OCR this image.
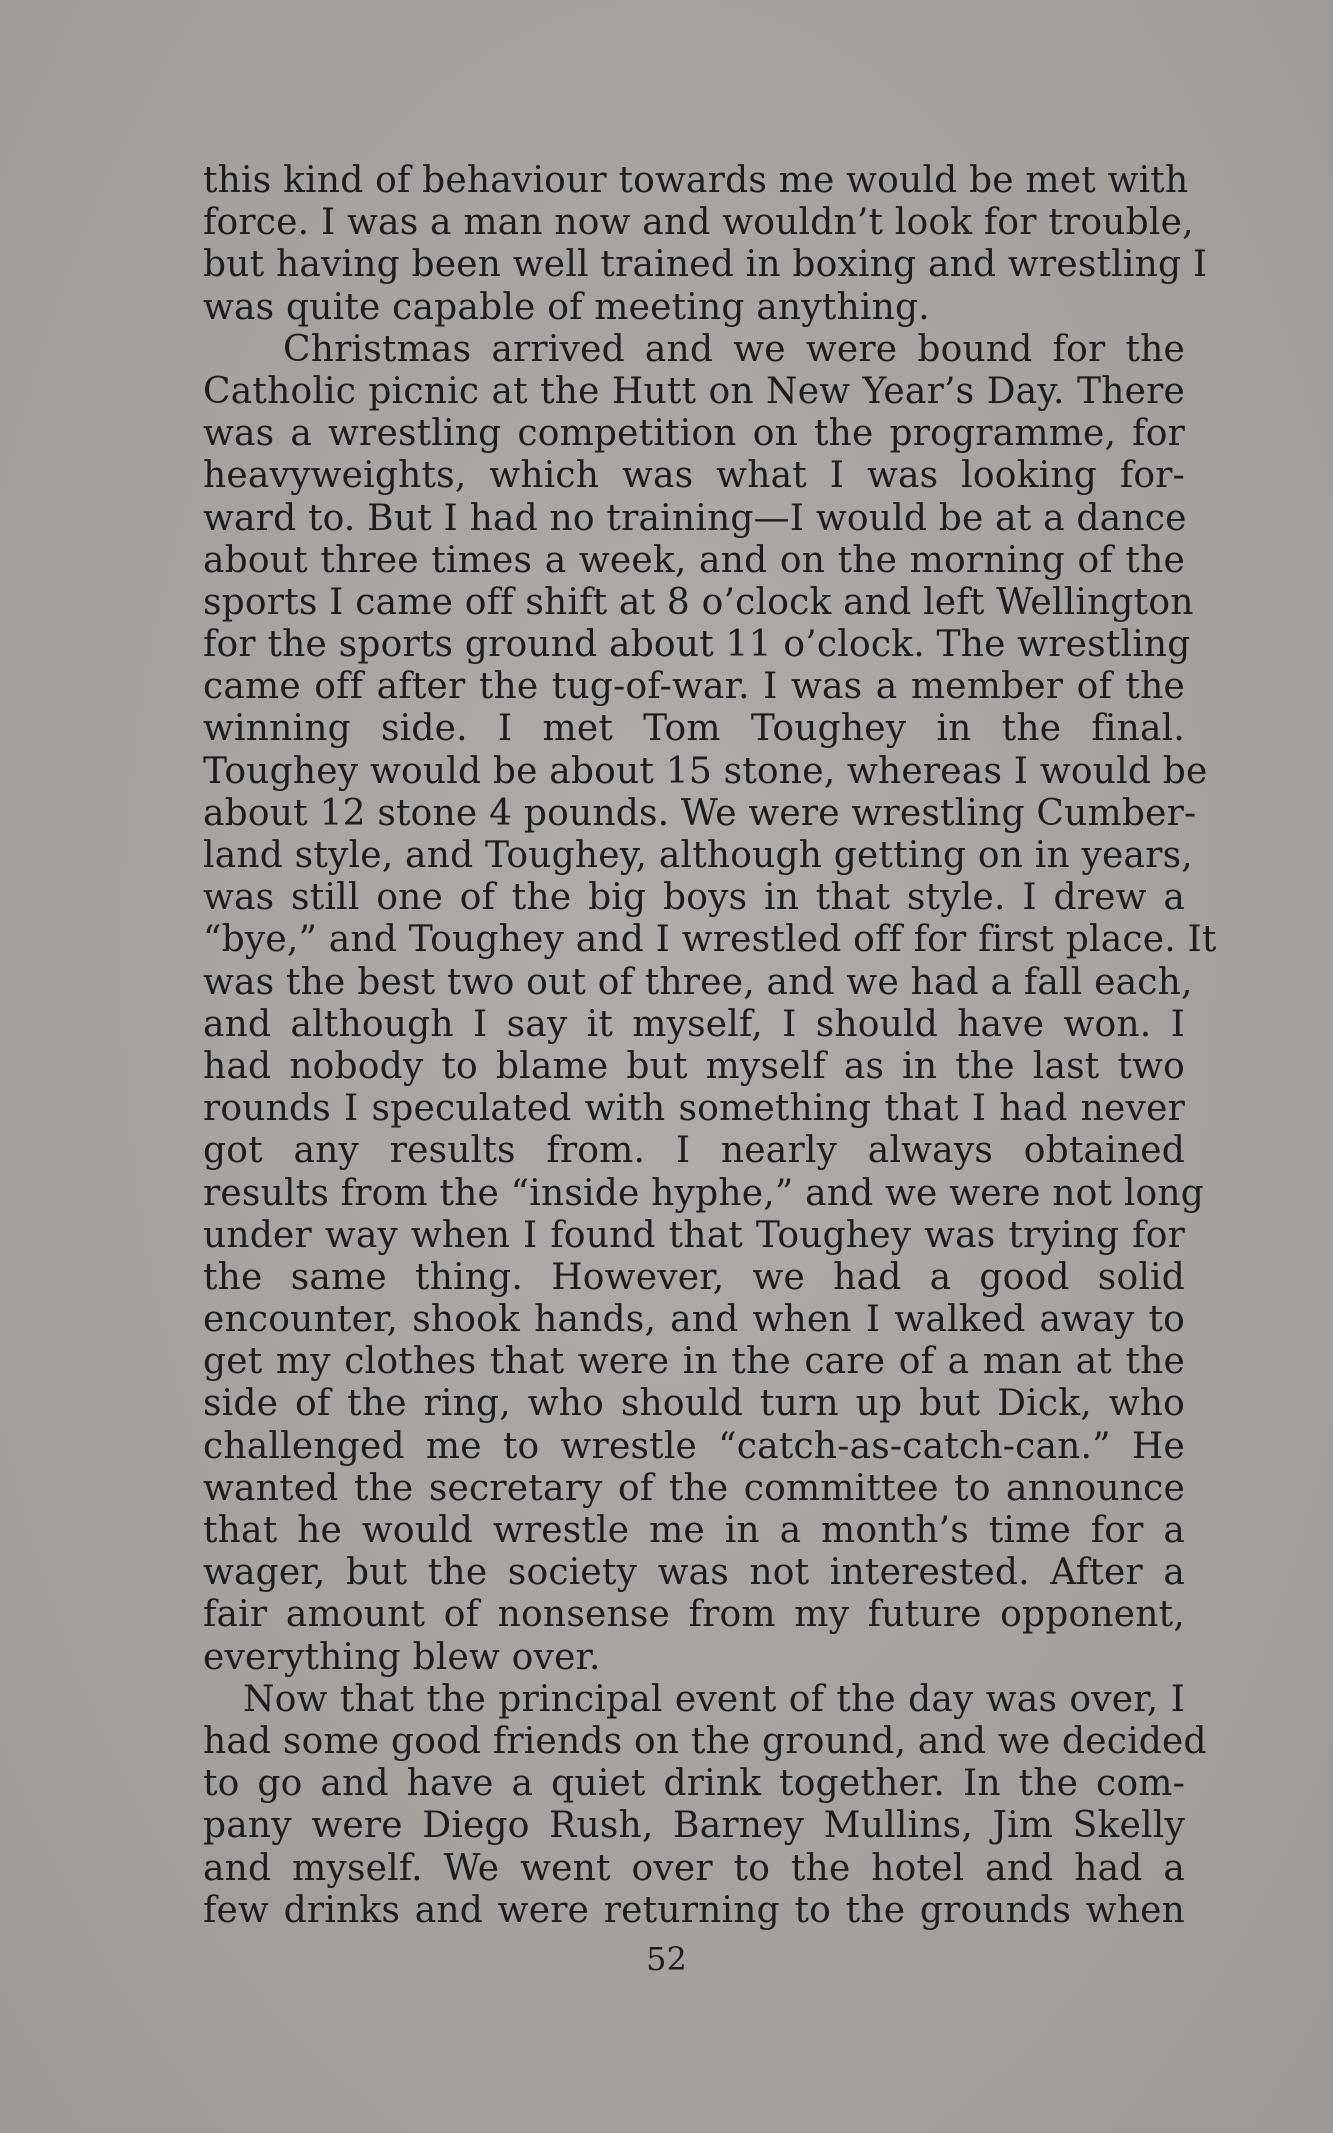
this kind of behaviour towards me would be met with
force. I was a man now and wouldn’t look for trouble,
but having been well trained in boxing and wrestling I
was quite capable of meeting anything.
Christmas arrived and we were bound for the
Catholic picnic at the Hutt on New Year’s Day. There
was a wrestling competition on the programme, for
heavyweights, which was what I was looking for-
ward to. But I had no training—I would be at a dance
about three times a week, and on the morning of the
sports I came off shift at 8 o’clock and left Wellington
for the sports ground about 11 o’clock. The wrestling
came off after the tug-of-war. I was a member of the
winning side. I met Tom Toughey in the final.
Toughey would be about 15 stone, whereas I would be
about 12 stone 4 pounds. We were wrestling Cumber-
land style, and Toughey, although getting on in years,
was still one of the big boys in that style. I drew a
“bye,” and Toughey and I wrestled off for first place. It
was the best two out of three, and we had a fall each,
and although I say it myself, I should have won. I
had nobody to blame but myself as in the last two
rounds I speculated with something that I had never
got any results from. I nearly always obtained
results from the “inside hyphe,” and we were not long
under way when I found that Toughey was trying for
the same thing. However, we had a good solid
encounter, shook hands, and when I walked away to
get my clothes that were in the care of a man at the
side of the ring, who should turn up but Dick, who
challenged me to wrestle “catch-as-catch-can.” He
wanted the secretary of the committee to announce
that he would wrestle me in a month’s time for a
wager, but the society was not interested. After a
fair amount of nonsense from my future opponent,
everything blew over.
Now that the principal event of the day was over, I
had some good friends on the ground, and we decided
to go and have a quiet drink together. In the com-
pany were Diego Rush, Barney Mullins, Jim Skelly
and myself. We went over to the hotel and had a
few drinks and were returning to the grounds when
52
